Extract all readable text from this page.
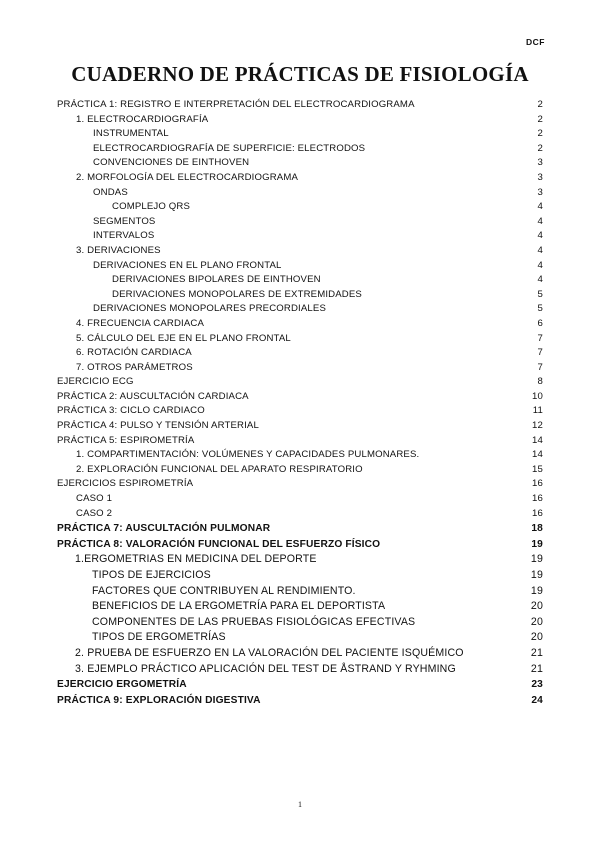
DCF
CUADERNO DE PRÁCTICAS DE FISIOLOGÍA
PRÁCTICA 1: REGISTRO E INTERPRETACIÓN DEL ELECTROCARDIOGRAMA	2
1. ELECTROCARDIOGRAFÍA	2
INSTRUMENTAL	2
ELECTROCARDIOGRAFÍA DE SUPERFICIE: ELECTRODOS	2
CONVENCIONES DE EINTHOVEN	3
2. MORFOLOGÍA DEL ELECTROCARDIOGRAMA	3
ONDAS	3
COMPLEJO QRS	4
SEGMENTOS	4
INTERVALOS	4
3. DERIVACIONES	4
DERIVACIONES EN EL PLANO FRONTAL	4
DERIVACIONES BIPOLARES DE EINTHOVEN	4
DERIVACIONES MONOPOLARES DE EXTREMIDADES	5
DERIVACIONES MONOPOLARES PRECORDIALES	5
4. FRECUENCIA CARDIACA	6
5. CÁLCULO DEL EJE EN EL PLANO FRONTAL	7
6. ROTACIÓN CARDIACA	7
7. OTROS PARÁMETROS	7
EJERCICIO ECG	8
PRÁCTICA 2: AUSCULTACIÓN CARDIACA	10
PRÁCTICA 3: CICLO CARDIACO	11
PRÁCTICA 4: PULSO Y TENSIÓN ARTERIAL	12
PRÁCTICA 5: ESPIROMETRÍA	14
1. COMPARTIMENTACIÓN: VOLÚMENES Y CAPACIDADES PULMONARES.	14
2. EXPLORACIÓN FUNCIONAL DEL APARATO RESPIRATORIO	15
EJERCICIOS ESPIROMETRÍA	16
CASO 1	16
CASO 2	16
PRÁCTICA 7: AUSCULTACIÓN PULMONAR	18
PRÁCTICA 8: VALORACIÓN FUNCIONAL DEL ESFUERZO FÍSICO	19
1.ERGOMETRIAS EN MEDICINA DEL DEPORTE	19
TIPOS DE EJERCICIOS	19
FACTORES QUE CONTRIBUYEN AL RENDIMIENTO.	19
BENEFICIOS DE LA ERGOMETRÍA PARA EL DEPORTISTA	20
COMPONENTES DE LAS PRUEBAS FISIOLÓGICAS EFECTIVAS	20
TIPOS DE ERGOMETRÍAS	20
2. PRUEBA DE ESFUERZO EN LA VALORACIÓN DEL PACIENTE ISQUÉMICO	21
3. EJEMPLO PRÁCTICO APLICACIÓN DEL TEST DE ÅSTRAND Y RYHMING	21
EJERCICIO ERGOMETRÍA	23
PRÁCTICA 9: EXPLORACIÓN DIGESTIVA	24
1
